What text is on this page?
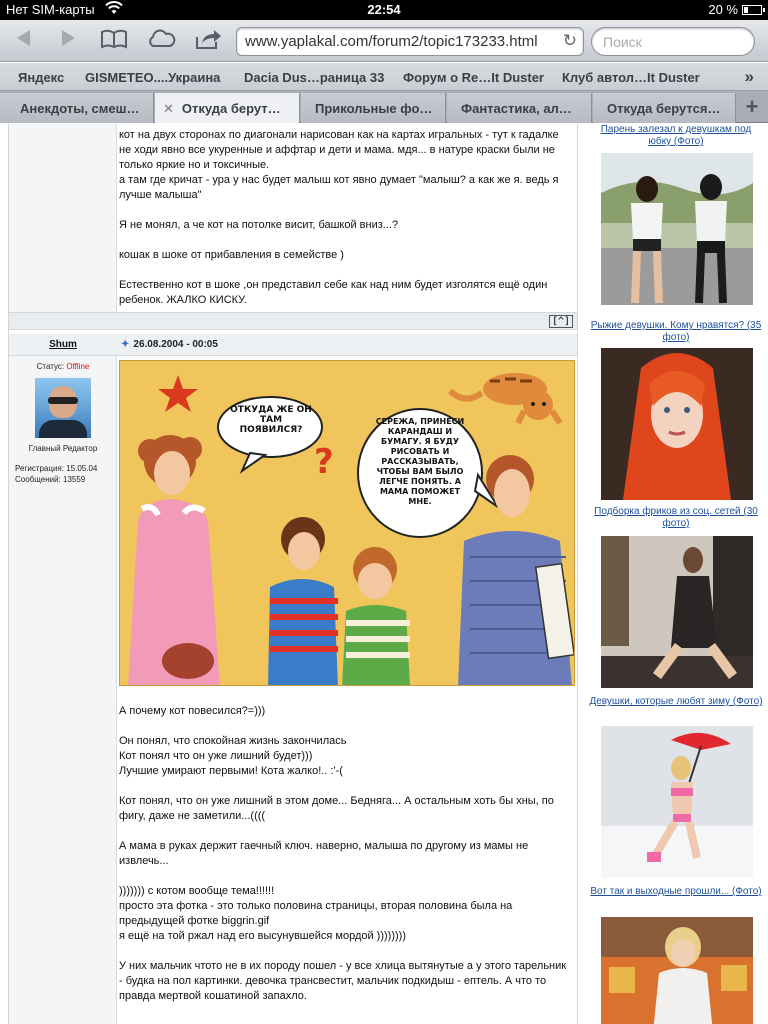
Нет SIM-карты	22:54	20 %
www.yaplakal.com/forum2/topic173233.html ↻	Поиск
Яндекс GISMETEO....Украина Dacia Dus…раница 33 Форум о Re…It Duster Клуб автол…It Duster	»
Анекдоты, смеш…	✕ Откуда берут…	Прикольные фо…	Фантастика, ал…	Откуда берутся…	+

кот на двух сторонах по диагонали нарисован как на картах игральных - тут к гадалке не ходи явно все укуренные и аффтар и дети и мама. мдя... в натуре краски были не только яркие но и токсичные.
а там где кричат - ура у нас будет малыш кот явно думает "малыш? а как же я. ведь я лучше малыша"

Я не монял, а че кот на потолке висит, башкой вниз...?

кошак в шоке от прибавления в семействе )

Естественно кот в шоке ,он представил себе как над ним будет изголятся ещё один ребенок. ЖАЛКО КИСКУ.

[^]
Shum	✦ 26.08.2004 - 00:05
Статус: Offline
Главный Редактор
Регистрация: 15.05.04
Сообщений: 13559
ОТКУДА ЖЕ ОН ТАМ ПОЯВИЛСЯ?
?
СЕРЕЖА, ПРИНЕСИ КАРАНДАШ И БУМАГУ. Я БУДУ РИСОВАТЬ И РАССКАЗЫВАТЬ, ЧТОБЫ ВАМ БЫЛО ЛЕГЧЕ ПОНЯТЬ. А МАМА ПОМОЖЕТ МНЕ.

А почему кот повесился?=)))

Он понял, что спокойная жизнь закончилась
Кот понял что он уже лишний будет)))
Лучшие умирают первыми! Кота жалко!.. :'-(

Кот понял, что он уже лишний в этом доме... Бедняга... А остальным хоть бы хны, по фигу, даже не заметили...((((

А мама в руках держит гаечный ключ. наверно, малыша по другому из мамы не извлечь...

))))))) с котом вообще тема!!!!!!
просто эта фотка - это только половина страницы, вторая половина была на предыдущей фотке biggrin.gif
я ещё на той ржал над его высунувшейся мордой ))))))))

У них мальчик чтото не в их породу пошел - у все хлица вытянутые а у этого тарельник - будка на пол картинки. девочка трансвестит, мальчик подкидыш - ептель. А что то правда мертвой кошатиной запахло.

Парень залезал к девушкам под юбку (Фото)
Рыжие девушки. Кому нравятся? (35 фото)
Подборка фриков из соц. сетей (30 фото)
Девушки, которые любят зиму (Фото)
Вот так и выходные прошли... (Фото)
